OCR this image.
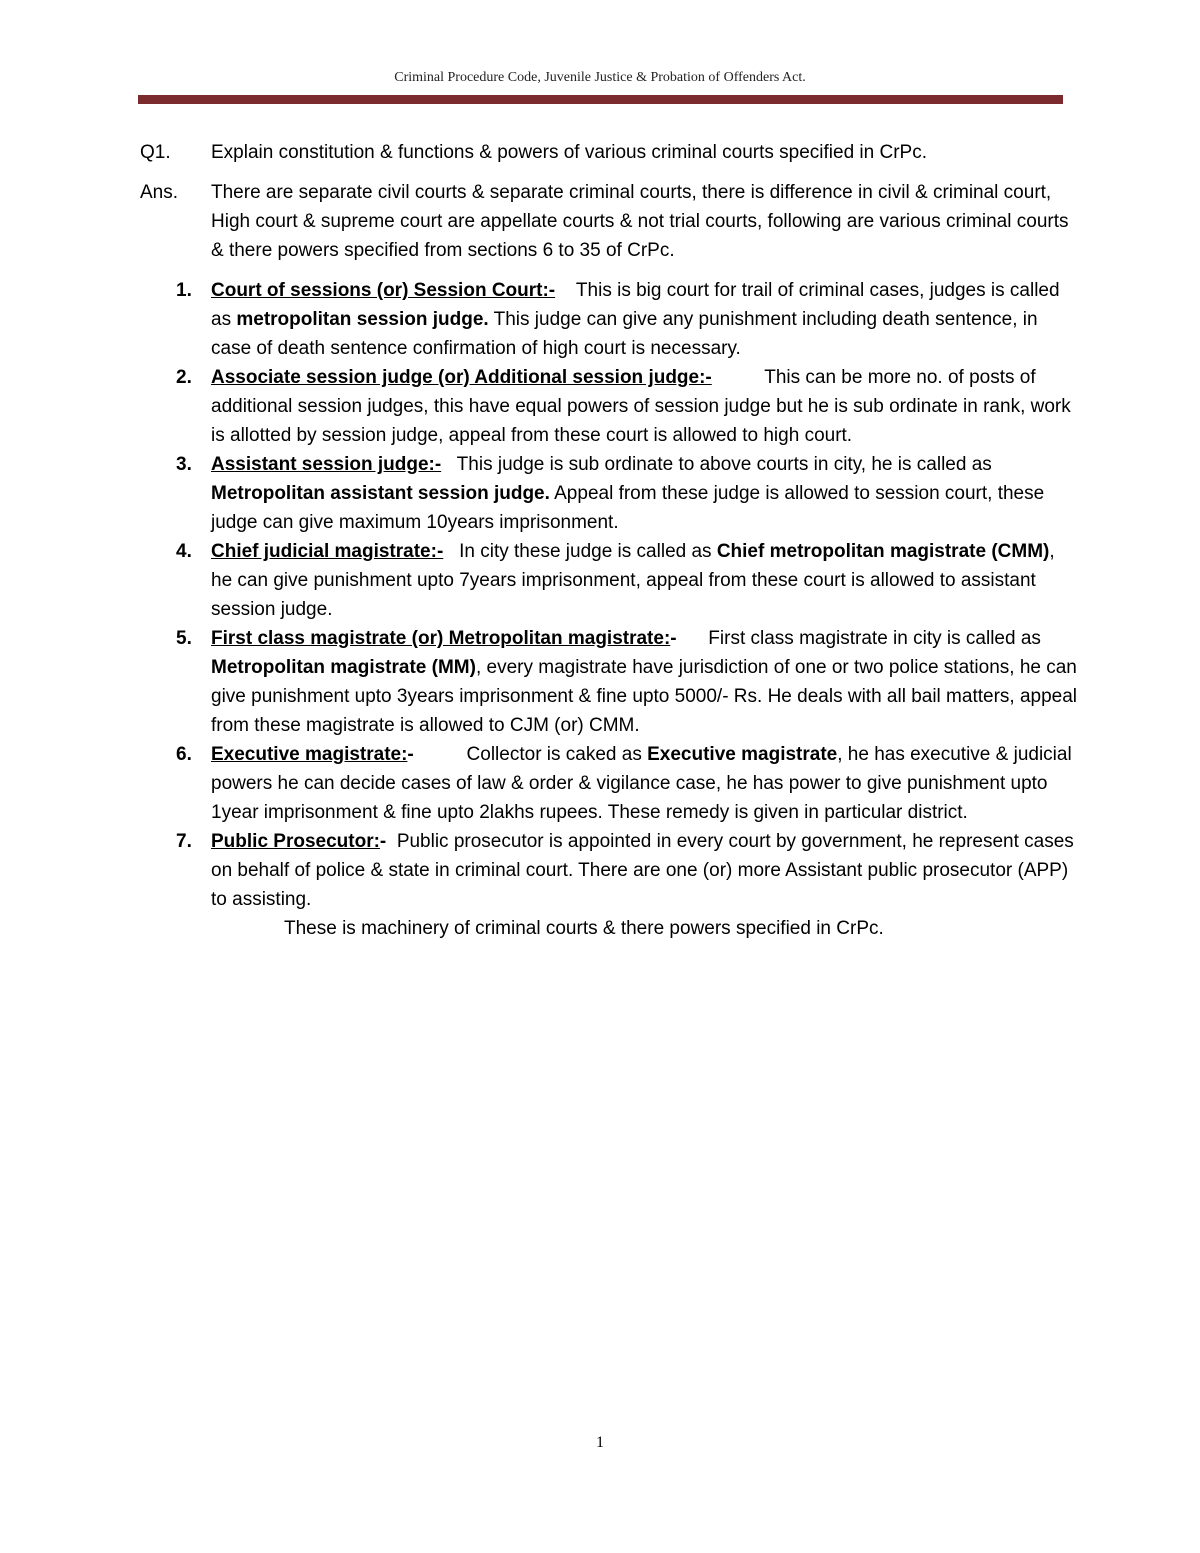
Criminal Procedure Code, Juvenile Justice & Probation of Offenders Act.
Q1.	Explain constitution & functions & powers of various criminal courts specified in CrPc.
Ans.	There are separate civil courts & separate criminal courts, there is difference in civil & criminal court, High court & supreme court are appellate courts & not trial courts, following are various criminal courts & there powers specified from sections 6 to 35 of CrPc.
1. Court of sessions (or) Session Court:- This is big court for trail of criminal cases, judges is called as metropolitan session judge. This judge can give any punishment including death sentence, in case of death sentence confirmation of high court is necessary.
2. Associate session judge (or) Additional session judge:-	This can be more no. of posts of additional session judges, this have equal powers of session judge but he is sub ordinate in rank, work is allotted by session judge, appeal from these court is allowed to high court.
3. Assistant session judge:- This judge is sub ordinate to above courts in city, he is called as Metropolitan assistant session judge. Appeal from these judge is allowed to session court, these judge can give maximum 10years imprisonment.
4. Chief judicial magistrate:- In city these judge is called as Chief metropolitan magistrate (CMM), he can give punishment upto 7years imprisonment, appeal from these court is allowed to assistant session judge.
5. First class magistrate (or) Metropolitan magistrate:- First class magistrate in city is called as Metropolitan magistrate (MM), every magistrate have jurisdiction of one or two police stations, he can give punishment upto 3years imprisonment & fine upto 5000/- Rs. He deals with all bail matters, appeal from these magistrate is allowed to CJM (or) CMM.
6. Executive magistrate:-	Collector is caked as Executive magistrate, he has executive & judicial powers he can decide cases of law & order & vigilance case, he has power to give punishment upto 1year imprisonment & fine upto 2lakhs rupees. These remedy is given in particular district.
7. Public Prosecutor:- Public prosecutor is appointed in every court by government, he represent cases on behalf of police & state in criminal court. There are one (or) more Assistant public prosecutor (APP) to assisting.
These is machinery of criminal courts & there powers specified in CrPc.
1
